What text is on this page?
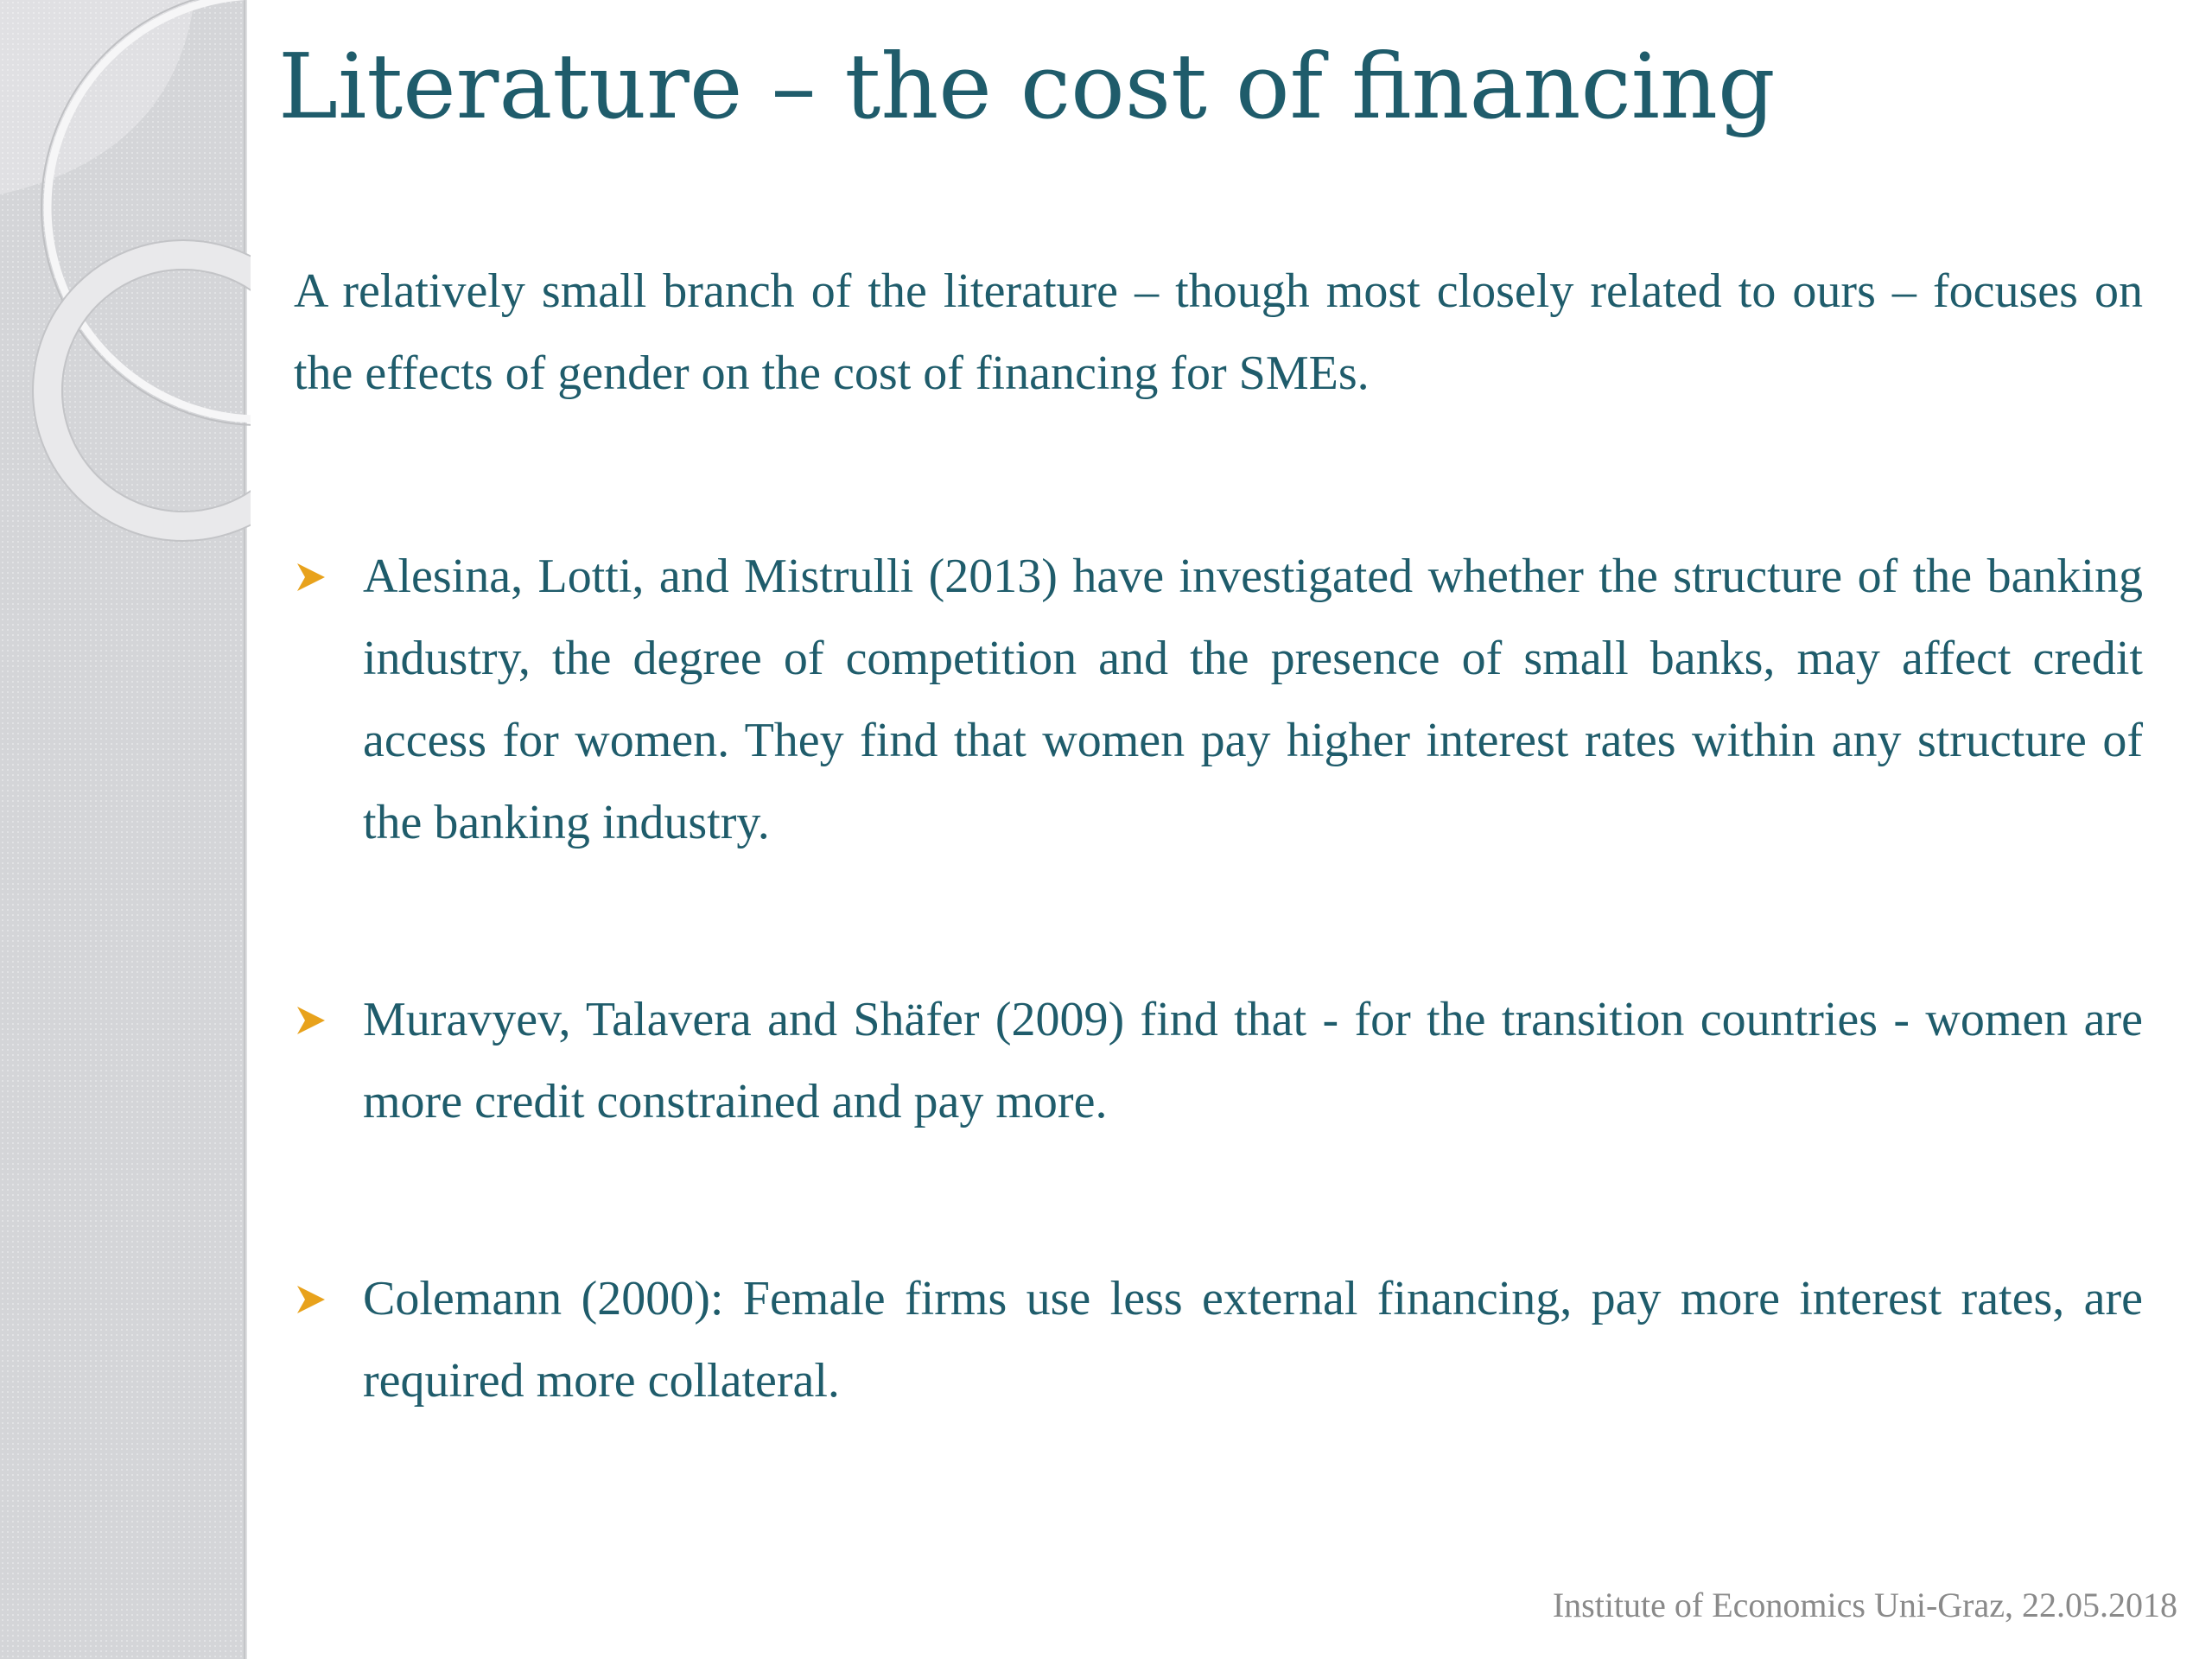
Literature – the cost of financing

A relatively small branch of the literature – though most closely related to ours – focuses on the effects of gender on the cost of financing for SMEs.

Alesina, Lotti, and Mistrulli (2013) have investigated whether the structure of the banking industry, the degree of competition and the presence of small banks, may affect credit access for women. They find that women pay higher interest rates within any structure of the banking industry.
Muravyev, Talavera and Shäfer (2009) find that - for the transition countries - women are more credit constrained and pay more.
Colemann (2000): Female firms use less external financing, pay more interest rates, are required more collateral.
Institute of Economics Uni-Graz, 22.05.2018
